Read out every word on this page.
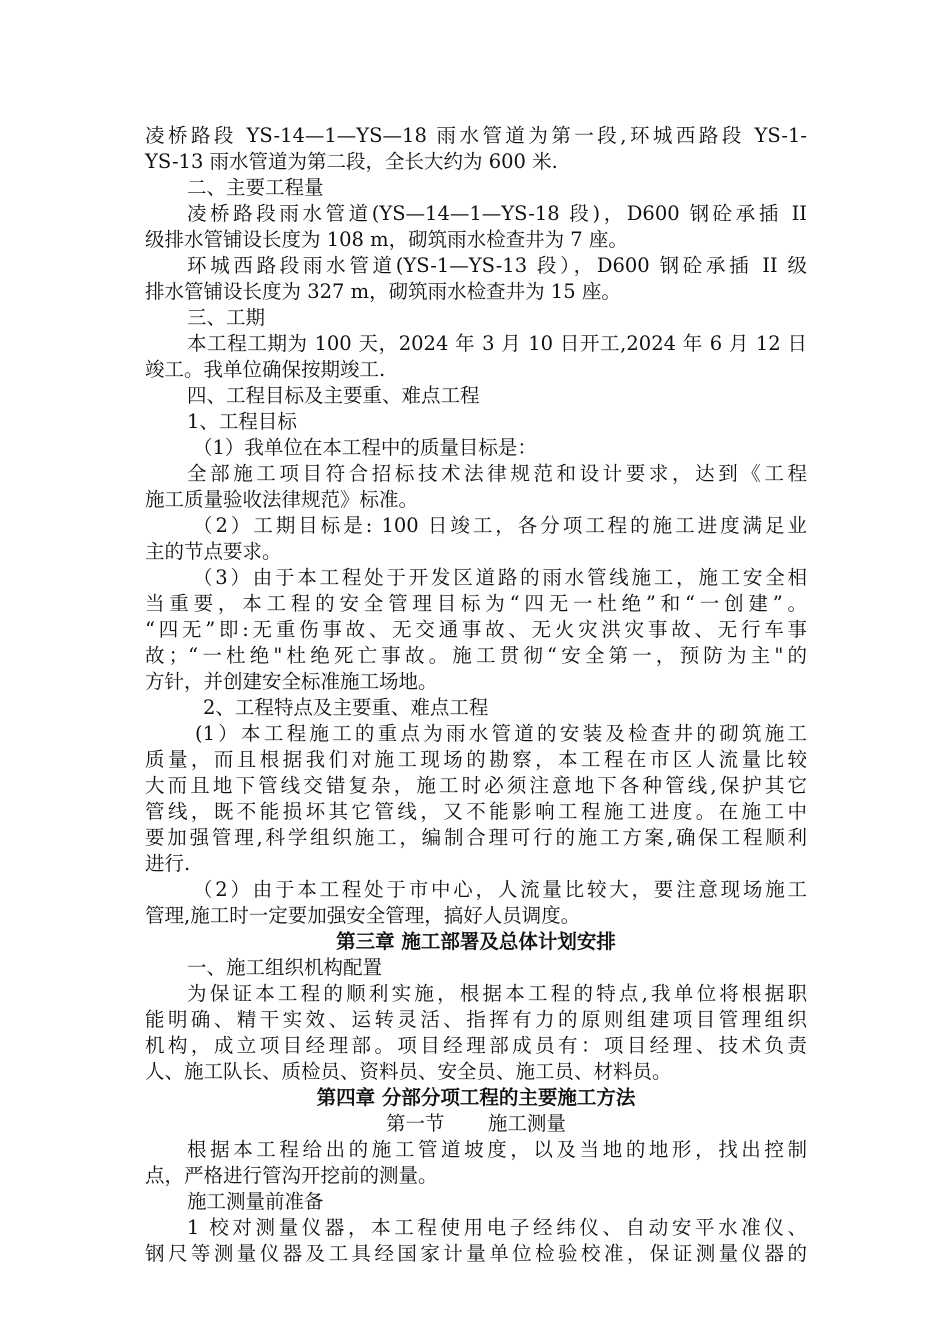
凌桥路段 YS-14—1—YS—18 雨水管道为第一段,环城西路段 YS-1-
YS-13 雨水管道为第二段，全长大约为 600 米.
二、主要工程量
凌桥路段雨水管道(YS—14—1—YS-18 段)，D600 钢砼承插 II
级排水管铺设长度为 108 m，砌筑雨水检查井为 7 座。
环城西路段雨水管道(YS-1—YS-13 段），D600 钢砼承插 II 级
排水管铺设长度为 327 m，砌筑雨水检查井为 15 座。
三、工期
本工程工期为 100 天，2024 年 3 月 10 日开工,2024 年 6 月 12 日
竣工。我单位确保按期竣工.
四、工程目标及主要重、难点工程
1、工程目标
（1）我单位在本工程中的质量目标是：
全部施工项目符合招标技术法律规范和设计要求，达到《工程
施工质量验收法律规范》标准。
（2）工期目标是: 100 日竣工，各分项工程的施工进度满足业
主的节点要求。
（3）由于本工程处于开发区道路的雨水管线施工，施工安全相
当重要，本工程的安全管理目标为“四无一杜绝”和“一创建”。
“四无”即:无重伤事故、无交通事故、无火灾洪灾事故、无行车事
故；“一杜绝"杜绝死亡事故。施工贯彻“安全第一，预防为主"的
方针，并创建安全标准施工场地。
2、工程特点及主要重、难点工程
(1）本工程施工的重点为雨水管道的安装及检查井的砌筑施工
质量，而且根据我们对施工现场的勘察，本工程在市区人流量比较
大而且地下管线交错复杂，施工时必须注意地下各种管线,保护其它
管线，既不能损坏其它管线，又不能影响工程施工进度。在施工中
要加强管理,科学组织施工，编制合理可行的施工方案,确保工程顺利
进行.
（2）由于本工程处于市中心，人流量比较大，要注意现场施工
管理,施工时一定要加强安全管理，搞好人员调度。
第三章 施工部署及总体计划安排
一、施工组织机构配置
为保证本工程的顺利实施，根据本工程的特点,我单位将根据职
能明确、精干实效、运转灵活、指挥有力的原则组建项目管理组织
机构，成立项目经理部。项目经理部成员有：项目经理、技术负责
人、施工队长、质检员、资料员、安全员、施工员、材料员。
第四章 分部分项工程的主要施工方法
第一节       施工测量
根据本工程给出的施工管道坡度，以及当地的地形，找出控制
点，严格进行管沟开挖前的测量。
施工测量前准备
1 校对测量仪器，本工程使用电子经纬仪、自动安平水准仪、
钢尺等测量仪器及工具经国家计量单位检验校准，保证测量仪器的
